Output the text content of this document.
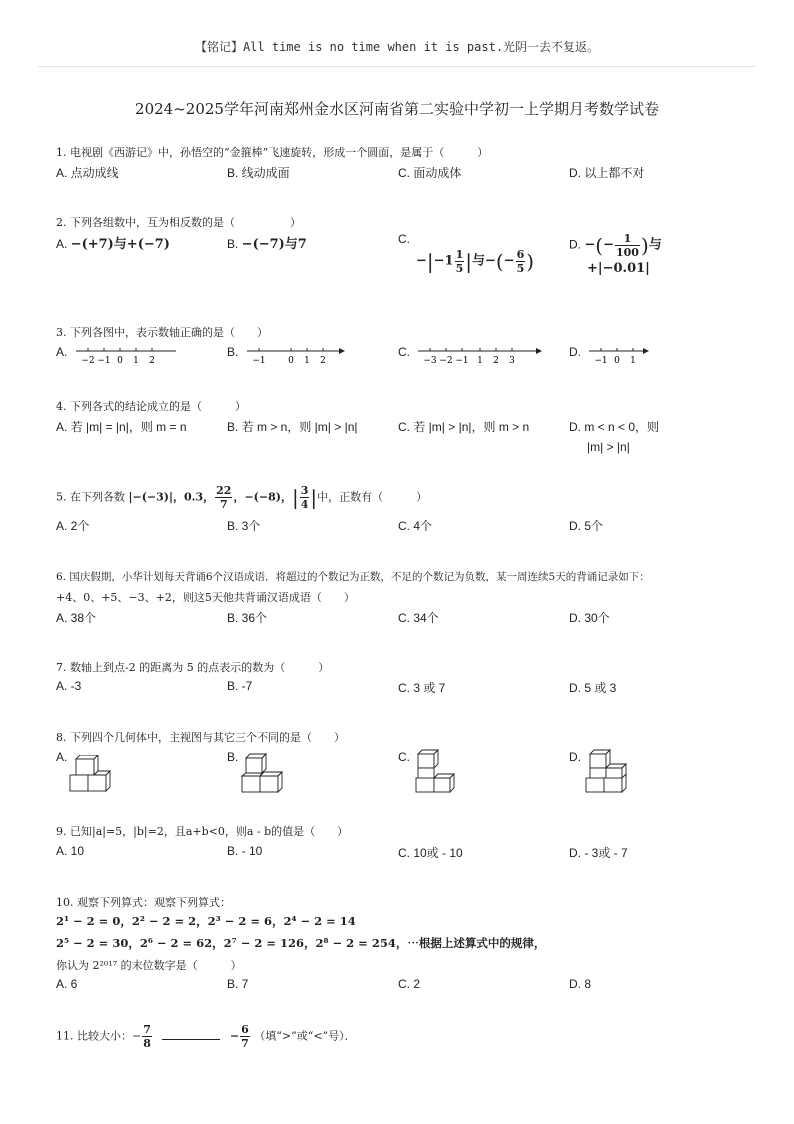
【铭记】All time is no time when it is past.光阴一去不复返。
2024~2025学年河南郑州金水区河南省第二实验中学初一上学期月考数学试卷
1. 电视剧《西游记》中，孙悟空的“金箍棒”飞速旋转，形成一个圆面，是属于（　　　）
A. 点动成线	B. 线动成面	C. 面动成体	D. 以上都不对
2. 下列各组数中，互为相反数的是（　　　　　）
A. −(+7)与+(−7)	B. −(−7)与7	C.
$-|-1 \frac{1}{5}$ |与−(− $\frac{6}{5}$ )
D. −(− $\frac{1}{100}$ )与
+|−0.01|
3. 下列各图中，表示数轴正确的是（　　）
A.	B.	C.	D.
−2 −1 0 1 2	−1 0 1 2	−3 −2 −1 1 2 3	−1 0 1
4. 下列各式的结论成立的是（　　　）
A. 若 |m| = |n|，则 m = n	B. 若 m > n，则 |m| > |n|	C. 若 |m| > |n|，则 m > n	D. m < n < 0，则
|m| > |n|
5. 在下列各数 |−(−3)|，0.3， $\frac{22}{7}$ ，−(−8)，| $\frac{3}{4}$ |中，正数有（　　　）
A. 2个	B. 3个	C. 4个	D. 5个
6. 国庆假期，小华计划每天背诵6个汉语成语．将超过的个数记为正数，不足的个数记为负数，某一周连续5天的背诵记录如下：
+4、0、+5、−3、+2，则这5天他共背诵汉语成语（　　）
A. 38个	B. 36个	C. 34个	D. 30个
7. 数轴上到点-2 的距离为 5 的点表示的数为（　　　）
A. -3	B. -7	C. 3 或 7	D. 5 或 3
8. 下列四个几何体中，主视图与其它三个不同的是（　　）
A.	B.	C.	D.
9. 已知|a|=5，|b|=2，且a+b<0，则a - b的值是（　　）
A. 10	B. - 10	C. 10或 - 10	D. - 3或 - 7
10. 观察下列算式：观察下列算式：
2¹ − 2 = 0，2² − 2 = 2，2³ − 2 = 6，2⁴ − 2 = 14
2⁵ − 2 = 30，2⁶ − 2 = 62，2⁷ − 2 = 126，2⁸ − 2 = 254，⋯根据上述算式中的规律，
你认为 2²⁰¹⁷ 的末位数字是（　　　）
A. 6	B. 7	C. 2	D. 8
11. 比较大小：− $\frac{7}{8}$	− $\frac{6}{7}$ （填“>”或“<”号）．
